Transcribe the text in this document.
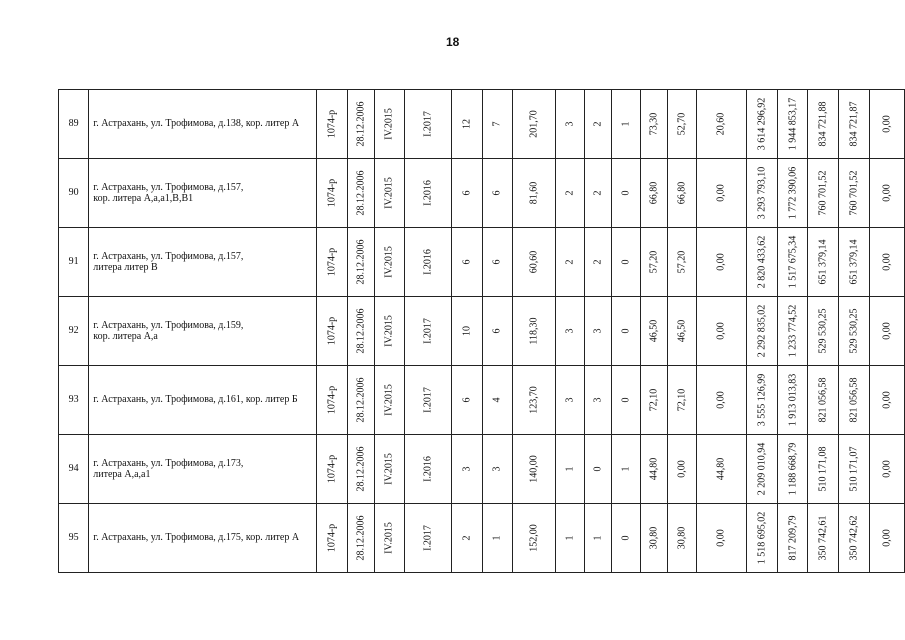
18
89	г. Астрахань, ул. Трофимова, д.138, кор. литер А	1074-р	28.12.2006	IV.2015	I.2017	12	7	201,70	3	2	1	73,30	52,70	20,60	3 614 296,92	1 944 853,17	834 721,88	834 721,87	0,00

90	г. Астрахань, ул. Трофимова, д.157,
кор. литера А,а,а1,В,В1	1074-р	28.12.2006	IV.2015	I.2016	6	6	81,60	2	2	0	66,80	66,80	0,00	3 293 793,10	1 772 390,06	760 701,52	760 701,52	0,00

91	г. Астрахань, ул. Трофимова, д.157,
литера литер В	1074-р	28.12.2006	IV.2015	I.2016	6	6	60,60	2	2	0	57,20	57,20	0,00	2 820 433,62	1 517 675,34	651 379,14	651 379,14	0,00

92	г. Астрахань, ул. Трофимова, д.159,
кор. литера А,а	1074-р	28.12.2006	IV.2015	I.2017	10	6	118,30	3	3	0	46,50	46,50	0,00	2 292 835,02	1 233 774,52	529 530,25	529 530,25	0,00

93	г. Астрахань, ул. Трофимова, д.161, кор. литер Б	1074-р	28.12.2006	IV.2015	I.2017	6	4	123,70	3	3	0	72,10	72,10	0,00	3 555 126,99	1 913 013,83	821 056,58	821 056,58	0,00

94	г. Астрахань, ул. Трофимова, д.173,
литера А,а,а1	1074-р	28.12.2006	IV.2015	I.2016	3	3	140,00	1	0	1	44,80	0,00	44,80	2 209 010,94	1 188 668,79	510 171,08	510 171,07	0,00

95	г. Астрахань, ул. Трофимова, д.175, кор. литер А	1074-р	28.12.2006	IV.2015	I.2017	2	1	152,00	1	1	0	30,80	30,80	0,00	1 518 695,02	817 209,79	350 742,61	350 742,62	0,00
